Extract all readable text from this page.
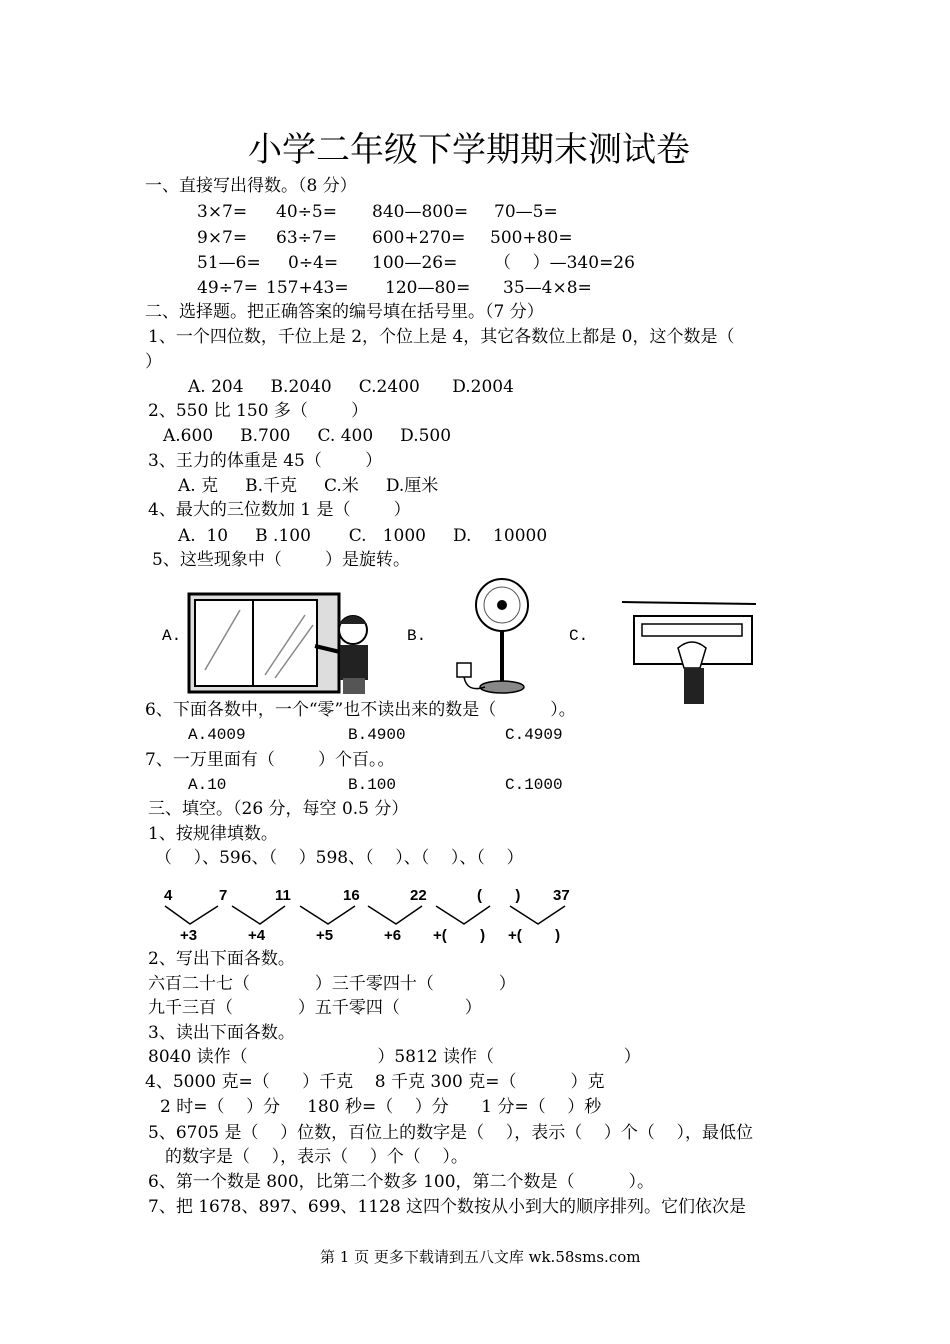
小学二年级下学期期末测试卷
一、直接写出得数。（8 分）
3×7= 40÷5= 840—800= 70—5=
9×7= 63÷7= 600+270= 500+80=
51—6= 0÷4= 100—26= （    ）—340=26
49÷7= 157+43= 120—80= 35—4×8=
二、选择题。把正确答案的编号填在括号里。（7 分）
1、一个四位数，千位上是 2，个位上是 4，其它各数位上都是 0，这个数是（
）
A. 204     B.2040     C.2400      D.2004
2、550 比 150 多（        ）
A.600     B.700     C. 400     D.500
3、王力的体重是 45（        ）
A. 克     B.千克     C.米     D.厘米
4、最大的三位数加 1 是（        ）
A.  10     B .100       C.   1000     D.    10000
5、这些现象中（        ）是旋转。
A.	B.	C.
6、下面各数中，一个“零”也不读出来的数是（          ）。
A.4009	B.4900	C.4909
7、一万里面有（        ）个百。。
A.10	B.100	C.1000
三、填空。（26 分，每空 0.5 分）
1、按规律填数。
（    ）、596、（    ）598、（    ）、（    ）、（    ）
4	7	11	16	22	(        ) 37
+3	+4	+5	+6 +(        ) +(        )
2、写出下面各数。
六百二十七（            ）三千零四十（            ）
九千三百（            ）五千零四（            ）
3、读出下面各数。
8040 读作（                        ）5812 读作（                        ）
4、5000 克=（      ）千克    8 千克 300 克=（          ）克
2 时=（    ）分     180 秒=（    ）分      1 分=（    ）秒
5、6705 是（    ）位数，百位上的数字是（    ），表示（    ）个（    ），最低位
的数字是（    ），表示（    ）个（    ）。
6、第一个数是 800，比第二个数多 100，第二个数是（          ）。
7、把 1678、897、699、1128 这四个数按从小到大的顺序排列。它们依次是
第 1 页 更多下载请到五八文库 wk.58sms.com
